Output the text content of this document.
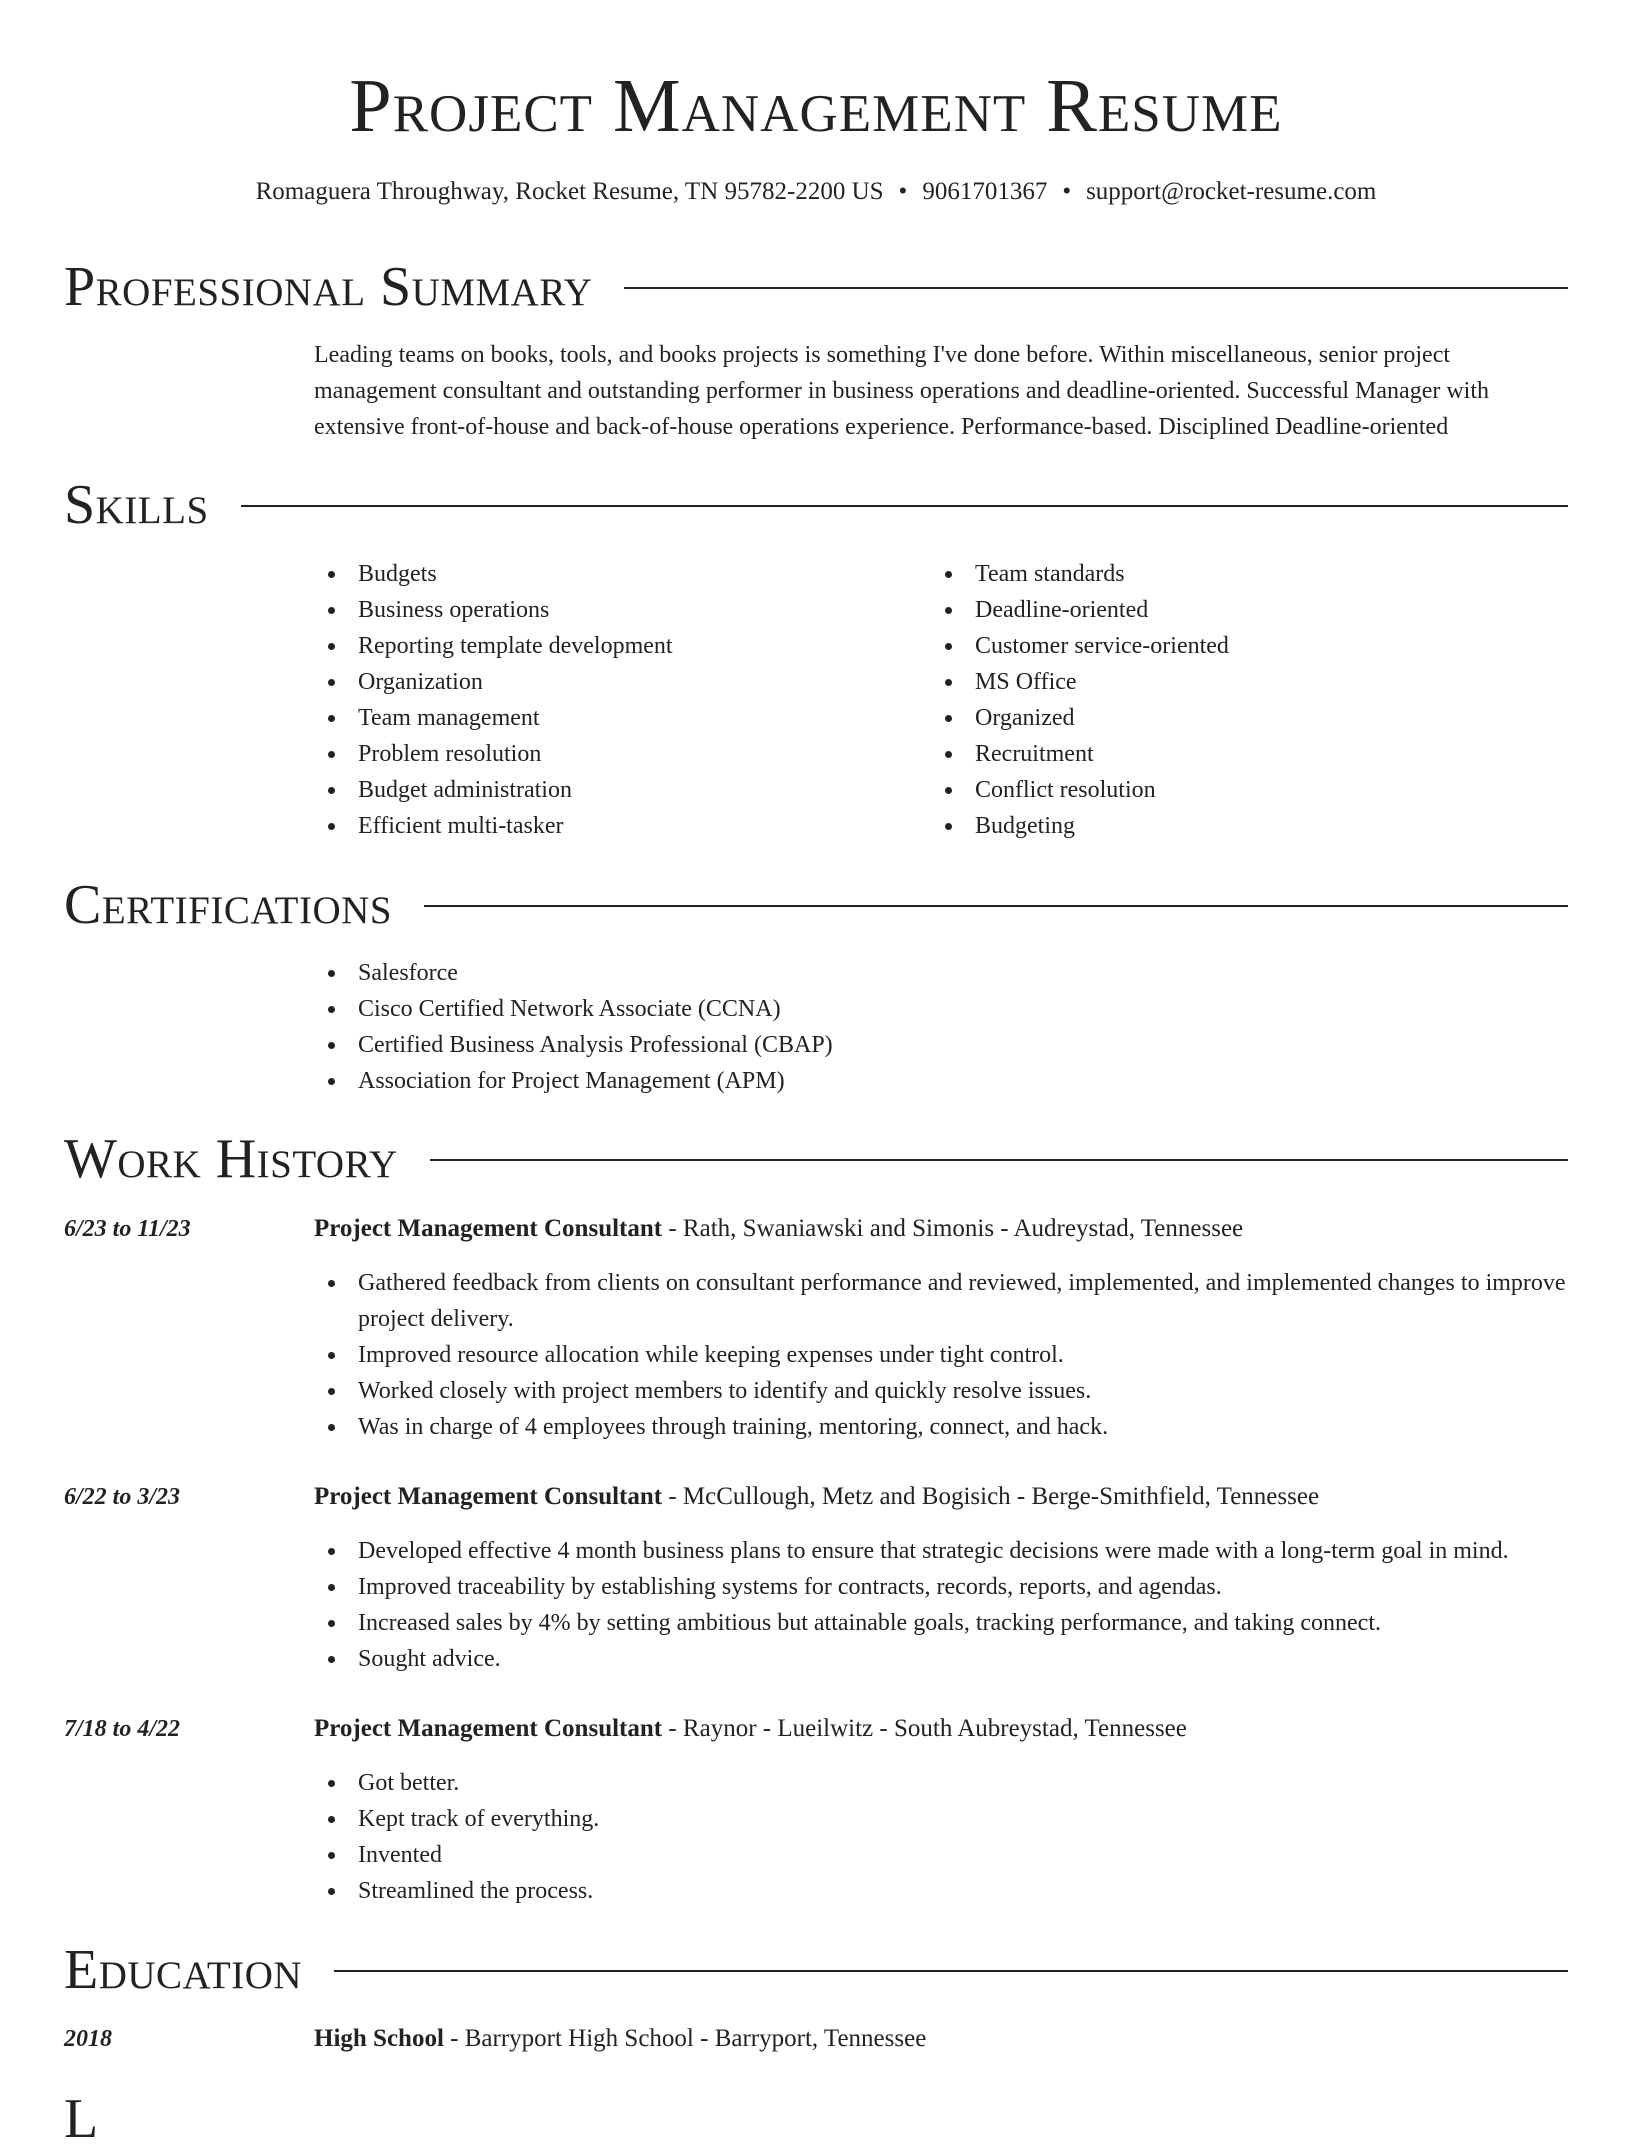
Project Management Resume
Romaguera Throughway, Rocket Resume, TN 95782-2200 US • 9061701367 • support@rocket-resume.com
Professional Summary

Leading teams on books, tools, and books projects is something I've done before. Within miscellaneous, senior project management consultant and outstanding performer in business operations and deadline-oriented. Successful Manager with extensive front-of-house and back-of-house operations experience. Performance-based. Disciplined Deadline-oriented

Skills
Budgets
Business operations
Reporting template development
Organization
Team management
Problem resolution
Budget administration
Efficient multi-tasker
Team standards
Deadline-oriented
Customer service-oriented
MS Office
Organized
Recruitment
Conflict resolution
Budgeting
Certifications
Salesforce
Cisco Certified Network Associate (CCNA)
Certified Business Analysis Professional (CBAP)
Association for Project Management (APM)
Work History
6/23 to 11/23	Project Management Consultant - Rath, Swaniawski and Simonis - Audreystad, Tennessee
Gathered feedback from clients on consultant performance and reviewed, implemented, and implemented changes to improve project delivery.
Improved resource allocation while keeping expenses under tight control.
Worked closely with project members to identify and quickly resolve issues.
Was in charge of 4 employees through training, mentoring, connect, and hack.
6/22 to 3/23	Project Management Consultant - McCullough, Metz and Bogisich - Berge-Smithfield, Tennessee
Developed effective 4 month business plans to ensure that strategic decisions were made with a long-term goal in mind.
Improved traceability by establishing systems for contracts, records, reports, and agendas.
Increased sales by 4% by setting ambitious but attainable goals, tracking performance, and taking connect.
Sought advice.
7/18 to 4/22	Project Management Consultant - Raynor - Lueilwitz - South Aubreystad, Tennessee
Got better.
Kept track of everything.
Invented
Streamlined the process.
Education
2018	High School - Barryport High School - Barryport, Tennessee
L
